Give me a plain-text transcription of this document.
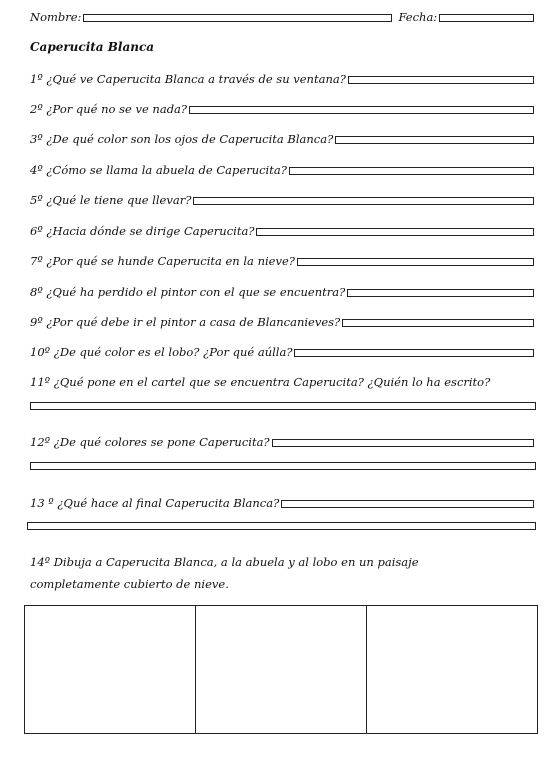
Nombre:	Fecha:
Caperucita Blanca
1º ¿Qué ve Caperucita Blanca a través de su ventana?
2º ¿Por qué no se ve nada?
3º ¿De qué color son los ojos de Caperucita Blanca?
4º ¿Cómo se llama la abuela de Caperucita?
5º ¿Qué le tiene que llevar?
6º ¿Hacia dónde se dirige Caperucita?
7º ¿Por qué se hunde Caperucita en la nieve?
8º ¿Qué ha perdido el pintor con el que se encuentra?
9º ¿Por qué debe ir el pintor a casa de Blancanieves?
10º ¿De qué color es el lobo? ¿Por qué aúlla?
11º ¿Qué pone en el cartel que se encuentra Caperucita? ¿Quién lo ha escrito?
12º ¿De qué colores se pone Caperucita?
13 º ¿Qué hace al final Caperucita Blanca?
14º Dibuja a Caperucita Blanca, a la abuela y al lobo en un paisaje
completamente cubierto de nieve.
